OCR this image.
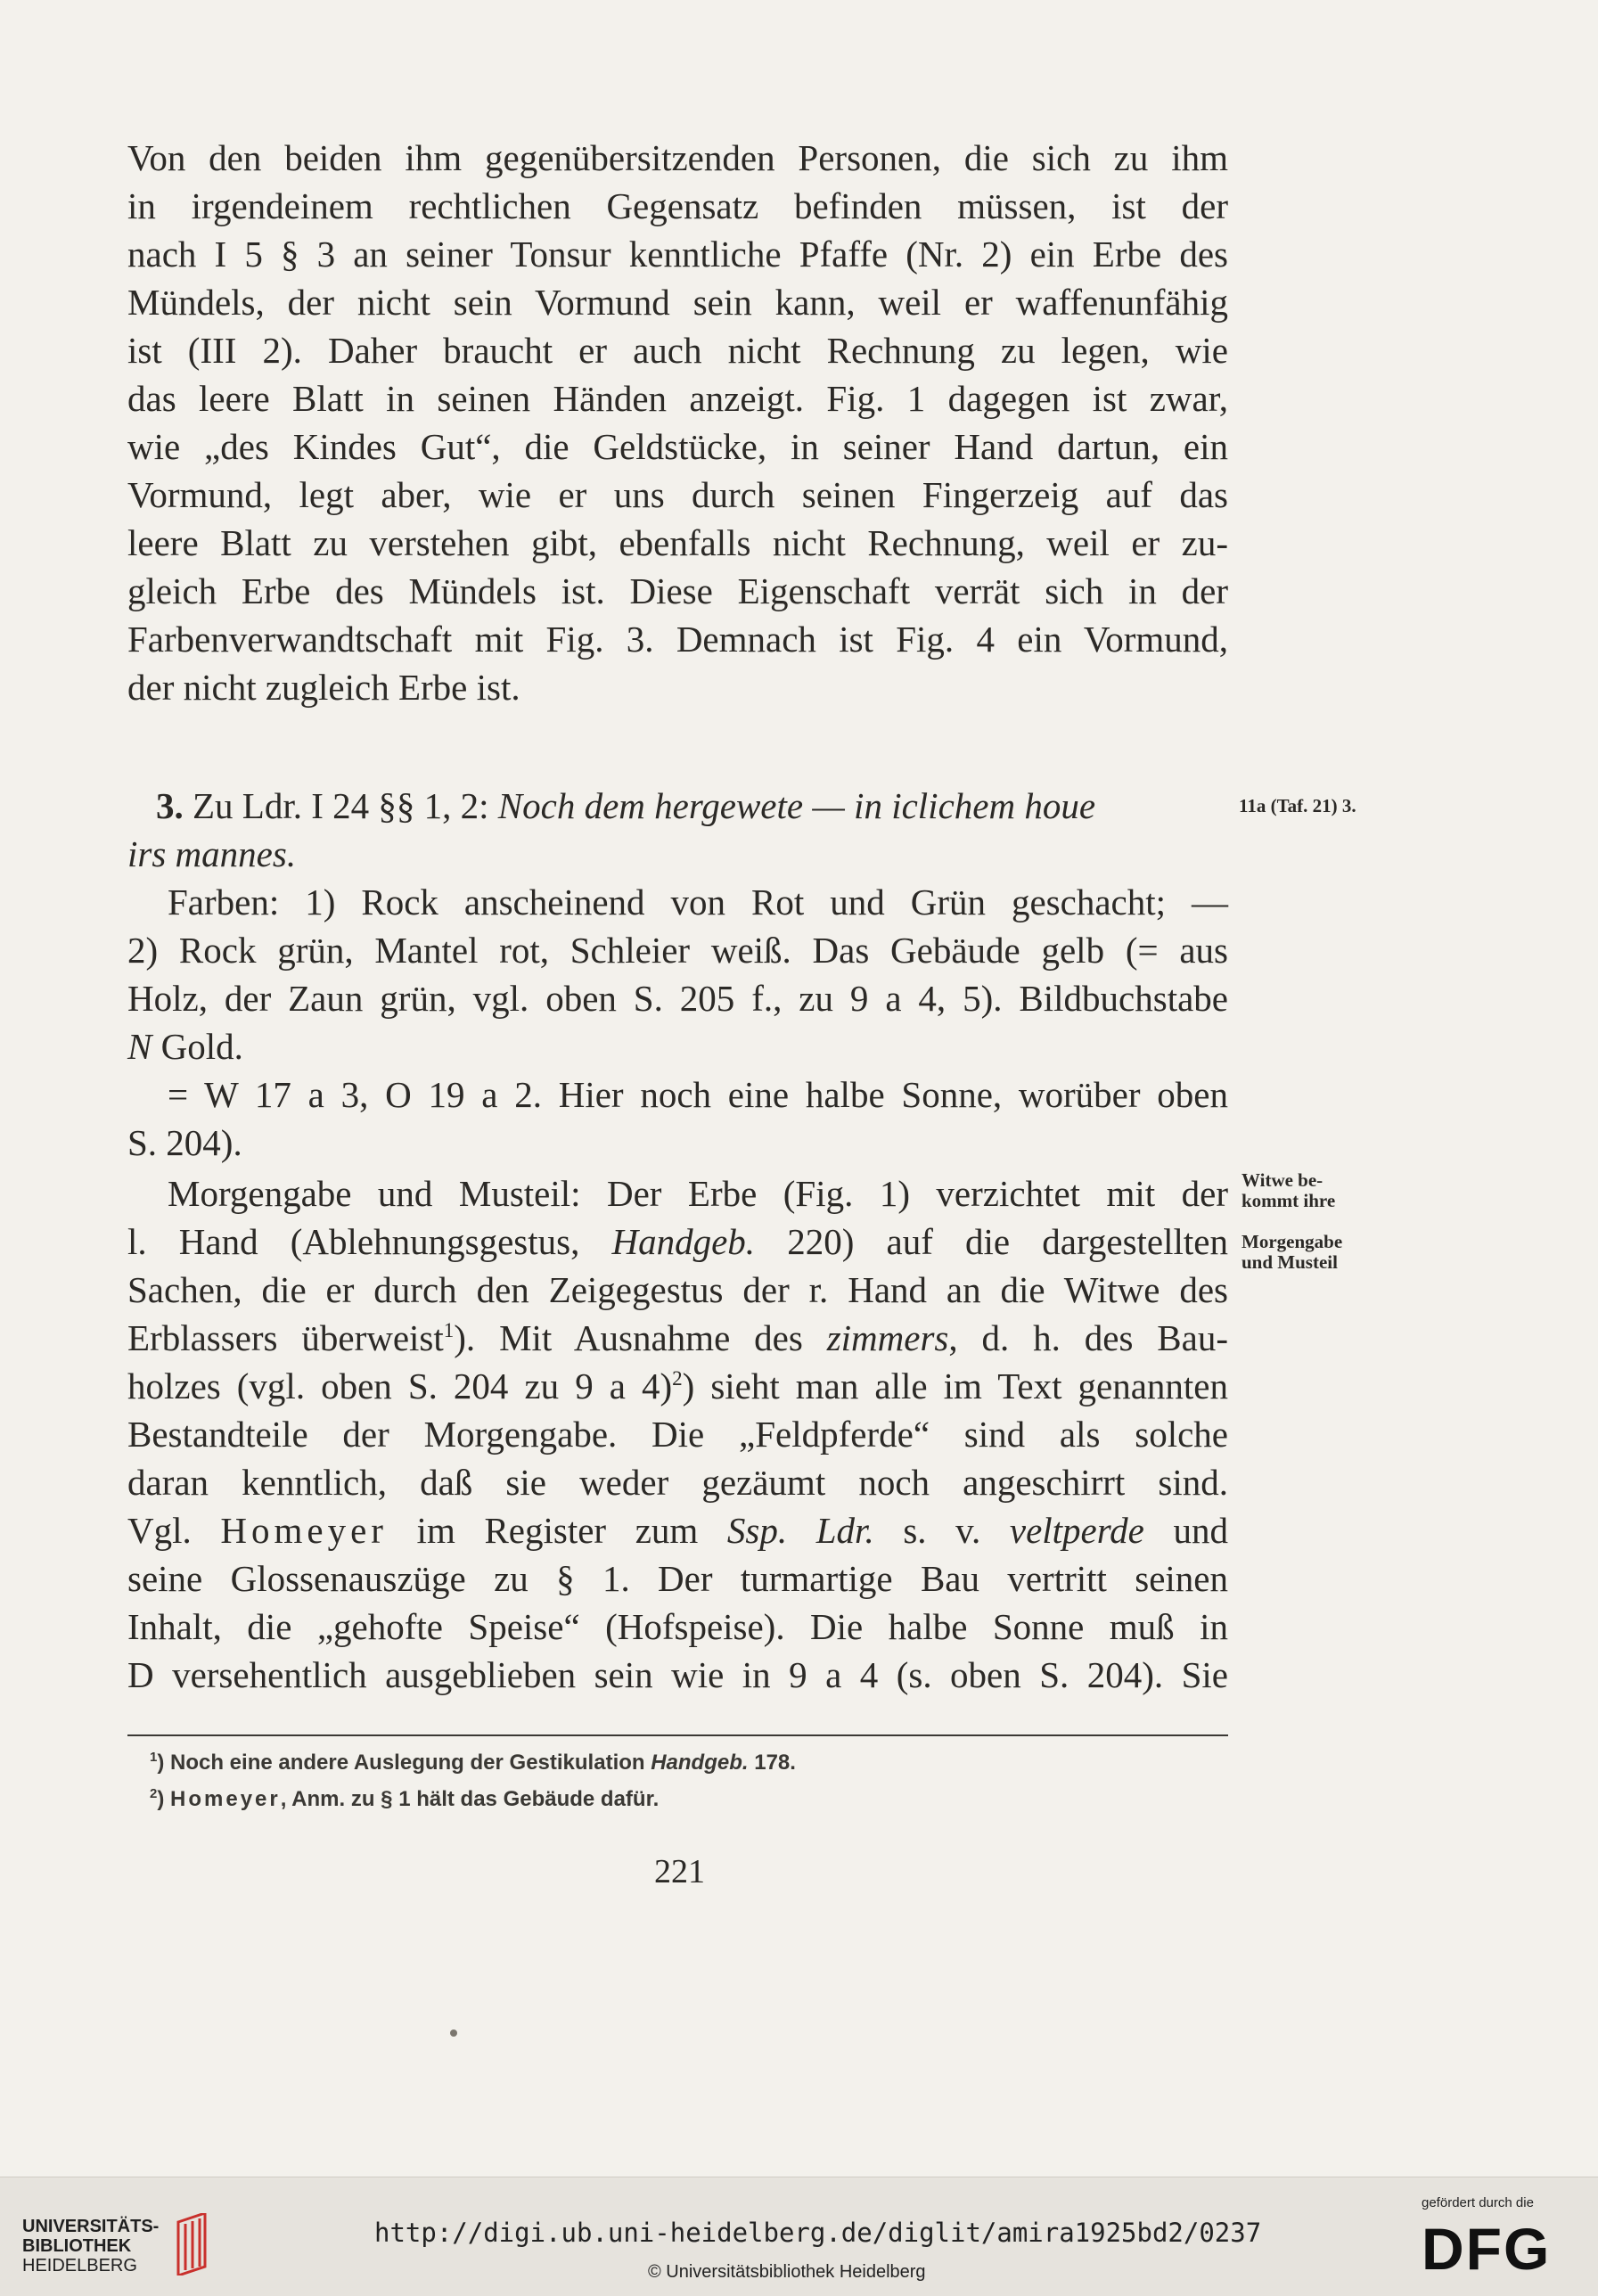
Von den beiden ihm gegenübersitzenden Personen, die sich zu ihm
in irgendeinem rechtlichen Gegensatz befinden müssen, ist der
nach I 5 § 3 an seiner Tonsur kenntliche Pfaffe (Nr. 2) ein Erbe des
Mündels, der nicht sein Vormund sein kann, weil er waffenunfähig
ist (III 2). Daher braucht er auch nicht Rechnung zu legen, wie
das leere Blatt in seinen Händen anzeigt. Fig. 1 dagegen ist zwar,
wie „des Kindes Gut“, die Geldstücke, in seiner Hand dartun, ein
Vormund, legt aber, wie er uns durch seinen Fingerzeig auf das
leere Blatt zu verstehen gibt, ebenfalls nicht Rechnung, weil er zu-
gleich Erbe des Mündels ist. Diese Eigenschaft verrät sich in der
Farbenverwandtschaft mit Fig. 3. Demnach ist Fig. 4 ein Vormund,
der nicht zugleich Erbe ist.
3. Zu Ldr. I 24 §§ 1, 2: Noch dem hergewete — in iclichem houe
irs mannes.
11a (Taf. 21) 3.
Farben: 1) Rock anscheinend von Rot und Grün geschacht; —
2) Rock grün, Mantel rot, Schleier weiß. Das Gebäude gelb (= aus
Holz, der Zaun grün, vgl. oben S. 205 f., zu 9 a 4, 5). Bildbuchstabe
N Gold.
= W 17 a 3, O 19 a 2. Hier noch eine halbe Sonne, worüber oben
S. 204).
Morgengabe und Musteil: Der Erbe (Fig. 1) verzichtet mit der
l. Hand (Ablehnungsgestus, Handgeb. 220) auf die dargestellten
Sachen, die er durch den Zeigegestus der r. Hand an die Witwe des
Erblassers überweist$^1$). Mit Ausnahme des zimmers, d. h. des Bau-
holzes (vgl. oben S. 204 zu 9 a 4)$^2$) sieht man alle im Text genannten
Bestandteile der Morgengabe. Die „Feldpferde“ sind als solche
daran kenntlich, daß sie weder gezäumt noch angeschirrt sind.
Vgl. Homeyer im Register zum Ssp. Ldr. s. v. veltperde und
seine Glossenauszüge zu § 1. Der turmartige Bau vertritt seinen
Inhalt, die „gehofte Speise“ (Hofspeise). Die halbe Sonne muß in
D versehentlich ausgeblieben sein wie in 9 a 4 (s. oben S. 204). Sie
Witwe be-
kommt ihre
Morgengabe
und Musteil
$^1$) Noch eine andere Auslegung der Gestikulation Handgeb. 178.
$^2$) Homeyer, Anm. zu § 1 hält das Gebäude dafür.
221
UNIVERSITÄTS-
BIBLIOTHEK
HEIDELBERG
http://digi.ub.uni-heidelberg.de/diglit/amira1925bd2/0237
© Universitätsbibliothek Heidelberg
gefördert durch die
DFG
